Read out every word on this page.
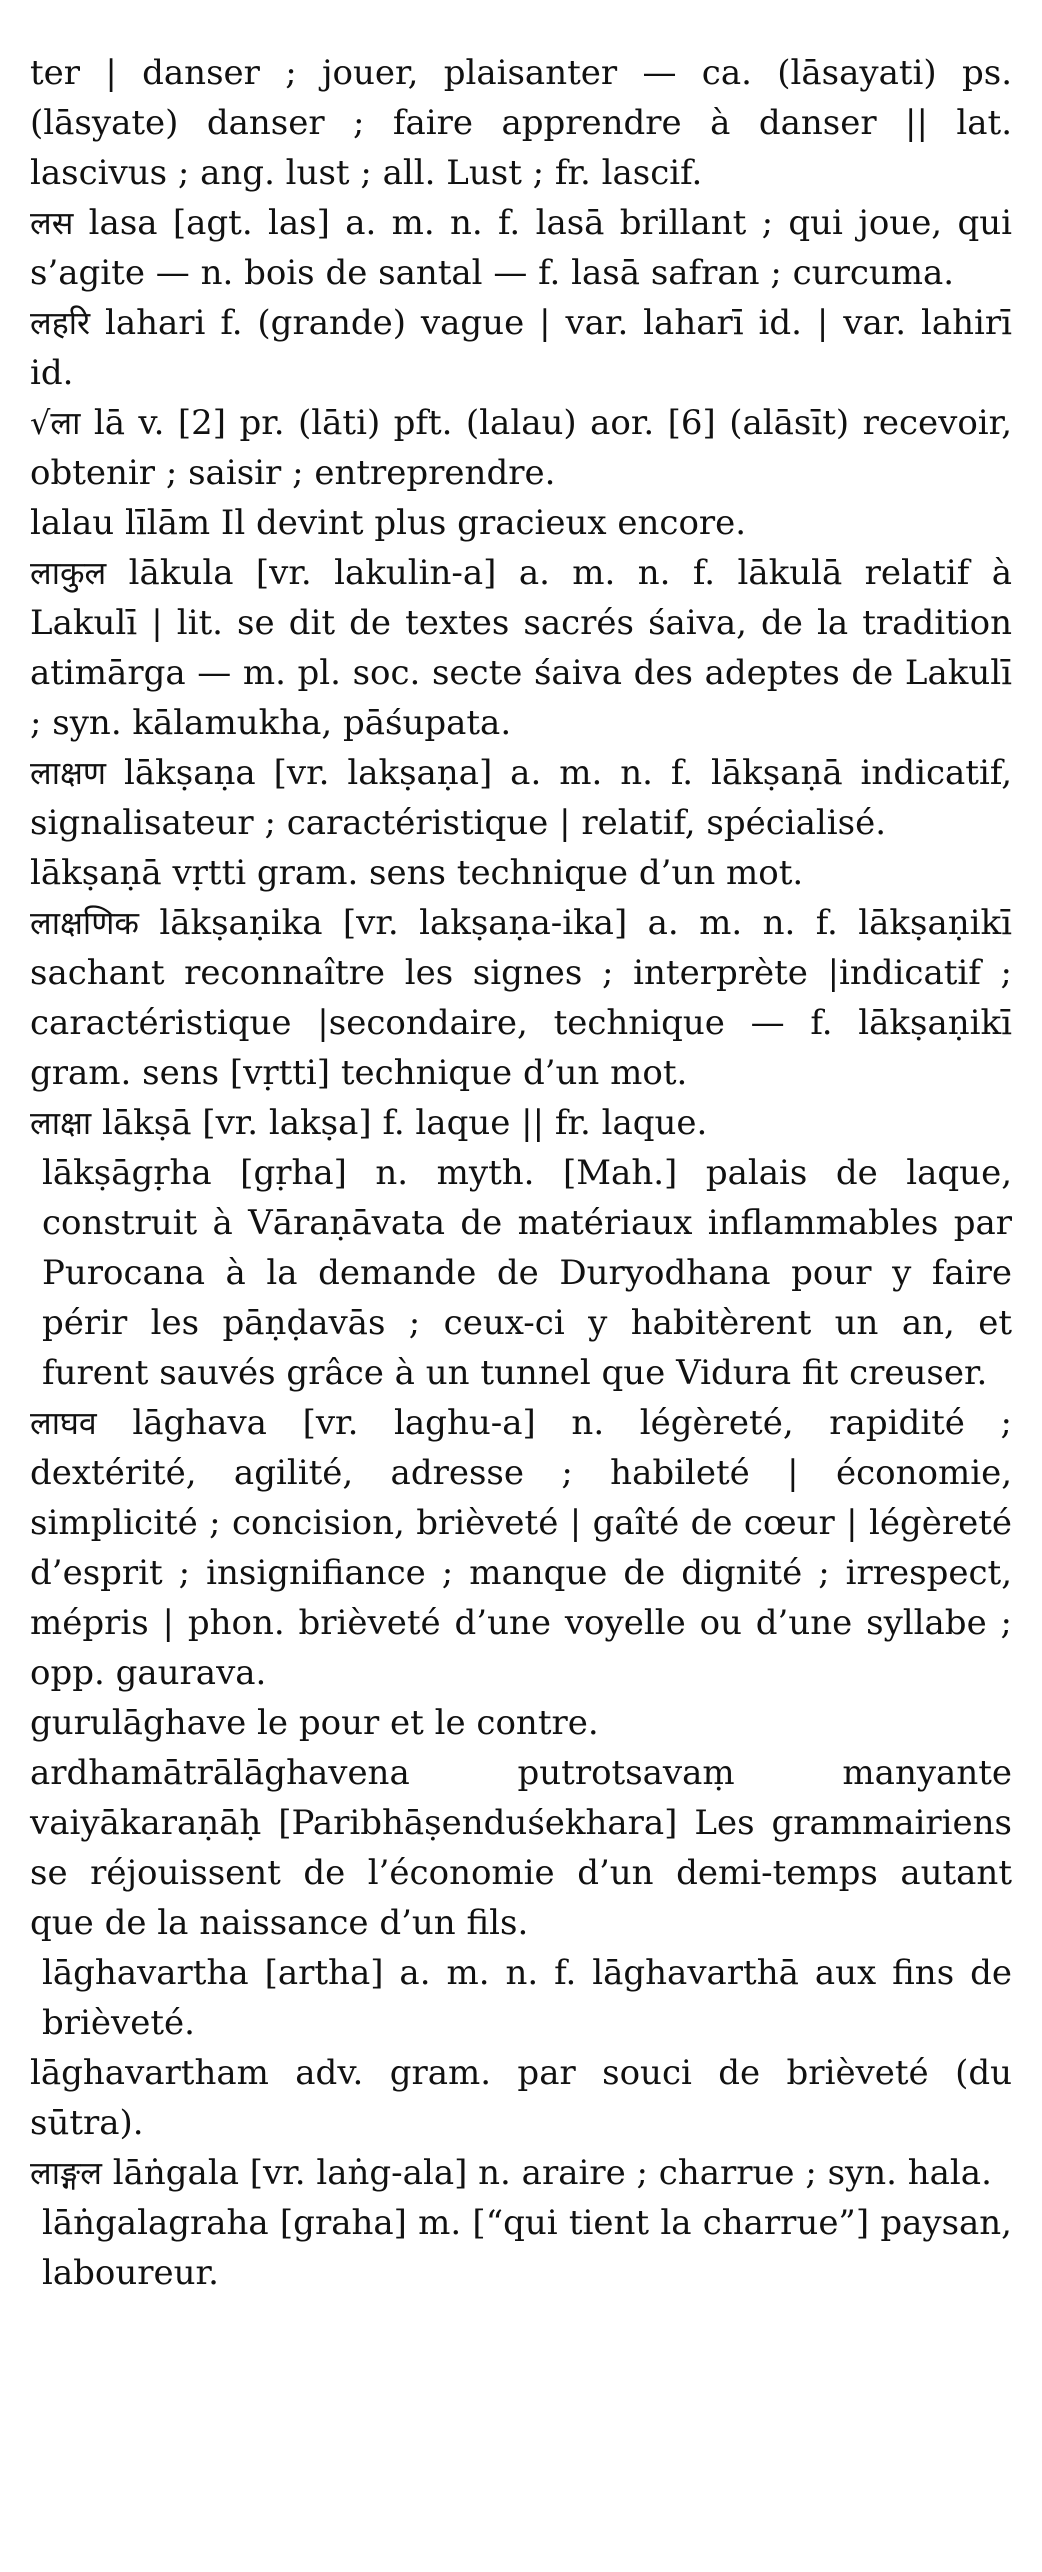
ter | danser ; jouer, plaisanter — ca. (lāsayati) ps. (lāsyate) danser ; faire apprendre à danser || lat. lascivus ; ang. lust ; all. Lust ; fr. lascif.

लस lasa [agt. las] a. m. n. f. lasā brillant ; qui joue, qui s’agite — n. bois de santal — f. lasā safran ; curcuma.

लहरि lahari f. (grande) vague | var. laharī id. | var. lahirī id.

√ला lā v. [2] pr. (lāti) pft. (lalau) aor. [6] (alāsīt) recevoir, obtenir ; saisir ; entreprendre.

lalau līlām Il devint plus gracieux encore.

लाकुल lākula [vr. lakulin-a] a. m. n. f. lākulā relatif à Lakulī | lit. se dit de textes sacrés śaiva, de la tradition atimārga — m. pl. soc. secte śaiva des adeptes de Lakulī ; syn. kālamukha, pāśupata.

लाक्षण lākṣaṇa [vr. lakṣaṇa] a. m. n. f. lākṣaṇā indicatif, signalisateur ; caractéristique | relatif, spécialisé.

lākṣaṇā vṛtti gram. sens technique d’un mot.

लाक्षणिक lākṣaṇika [vr. lakṣaṇa-ika] a. m. n. f. lākṣaṇikī sachant reconnaître les signes ; interprète |indicatif ; caractéristique |secondaire, technique — f. lākṣaṇikī gram. sens [vṛtti] technique d’un mot.

लाक्षा lākṣā [vr. lakṣa] f. laque || fr. laque.

lākṣāgṛha [gṛha] n. myth. [Mah.] palais de laque, construit à Vāraṇāvata de matériaux inflammables par Purocana à la demande de Duryodhana pour y faire périr les pāṇḍavās ; ceux-ci y habitèrent un an, et furent sauvés grâce à un tunnel que Vidura fit creuser.

लाघव lāghava [vr. laghu-a] n. légèreté, rapidité ; dextérité, agilité, adresse ; habileté | économie, simplicité ; concision, brièveté | gaîté de cœur | légèreté d’esprit ; insignifiance ; manque de dignité ; irrespect, mépris | phon. brièveté d’une voyelle ou d’une syllabe ; opp. gaurava.

gurulāghave le pour et le contre.

ardhamātrālāghavena putrotsavaṃ manyante vaiyākaraṇāḥ [Paribhāṣenduśekhara] Les grammairiens se réjouissent de l’économie d’un demi-temps autant que de la naissance d’un fils.

lāghavartha [artha] a. m. n. f. lāghavarthā aux fins de brièveté.

lāghavartham adv. gram. par souci de brièveté (du sūtra).

लाङ्गल lāṅgala [vr. laṅg-ala] n. araire ; charrue ; syn. hala.

lāṅgalagraha [graha] m. [“qui tient la charrue”] paysan, laboureur.
